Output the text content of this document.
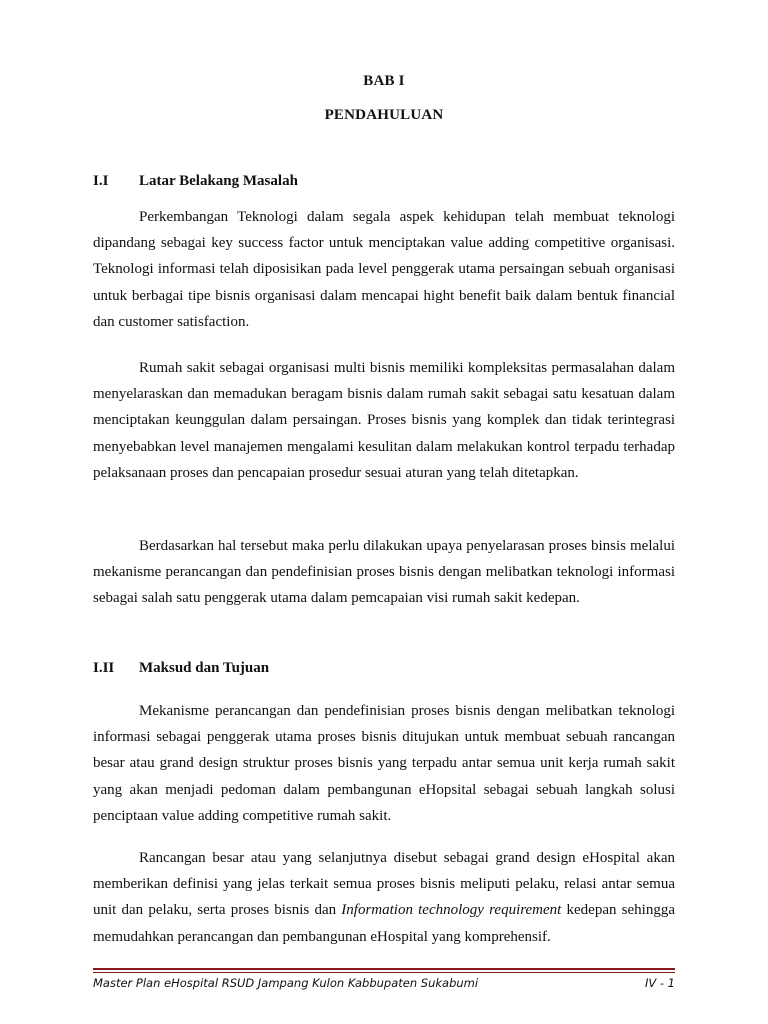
BAB I
PENDAHULUAN
I.I Latar Belakang Masalah

Perkembangan Teknologi dalam segala aspek kehidupan telah membuat teknologi dipandang sebagai key success factor untuk menciptakan value adding competitive organisasi. Teknologi informasi telah diposisikan pada level penggerak utama persaingan sebuah organisasi untuk berbagai tipe bisnis organisasi dalam mencapai hight benefit baik dalam bentuk financial dan customer satisfaction.

Rumah sakit sebagai organisasi multi bisnis memiliki kompleksitas permasalahan dalam menyelaraskan dan memadukan beragam bisnis dalam rumah sakit sebagai satu kesatuan dalam menciptakan keunggulan dalam persaingan. Proses bisnis yang komplek dan tidak terintegrasi menyebabkan level manajemen mengalami kesulitan dalam melakukan kontrol terpadu terhadap pelaksanaan proses dan pencapaian prosedur sesuai aturan yang telah ditetapkan.

Berdasarkan hal tersebut maka perlu dilakukan upaya penyelarasan proses binsis melalui mekanisme perancangan dan pendefinisian proses bisnis dengan melibatkan teknologi informasi sebagai salah satu penggerak utama dalam pemcapaian visi rumah sakit kedepan.

I.II Maksud dan Tujuan

Mekanisme perancangan dan pendefinisian proses bisnis dengan melibatkan teknologi informasi sebagai penggerak utama proses bisnis ditujukan untuk membuat sebuah rancangan besar atau grand design struktur proses bisnis yang terpadu antar semua unit kerja rumah sakit yang akan menjadi pedoman dalam pembangunan eHopsital sebagai sebuah langkah solusi penciptaan value adding competitive rumah sakit.

Rancangan besar atau yang selanjutnya disebut sebagai grand design eHospital akan memberikan definisi yang jelas terkait semua proses bisnis meliputi pelaku, relasi antar semua unit dan pelaku, serta proses bisnis dan Information technology requirement kedepan sehingga memudahkan perancangan dan pembangunan eHospital yang komprehensif.

Master Plan eHospital RSUD Jampang Kulon Kabbupaten Sukabumi	IV - 1
